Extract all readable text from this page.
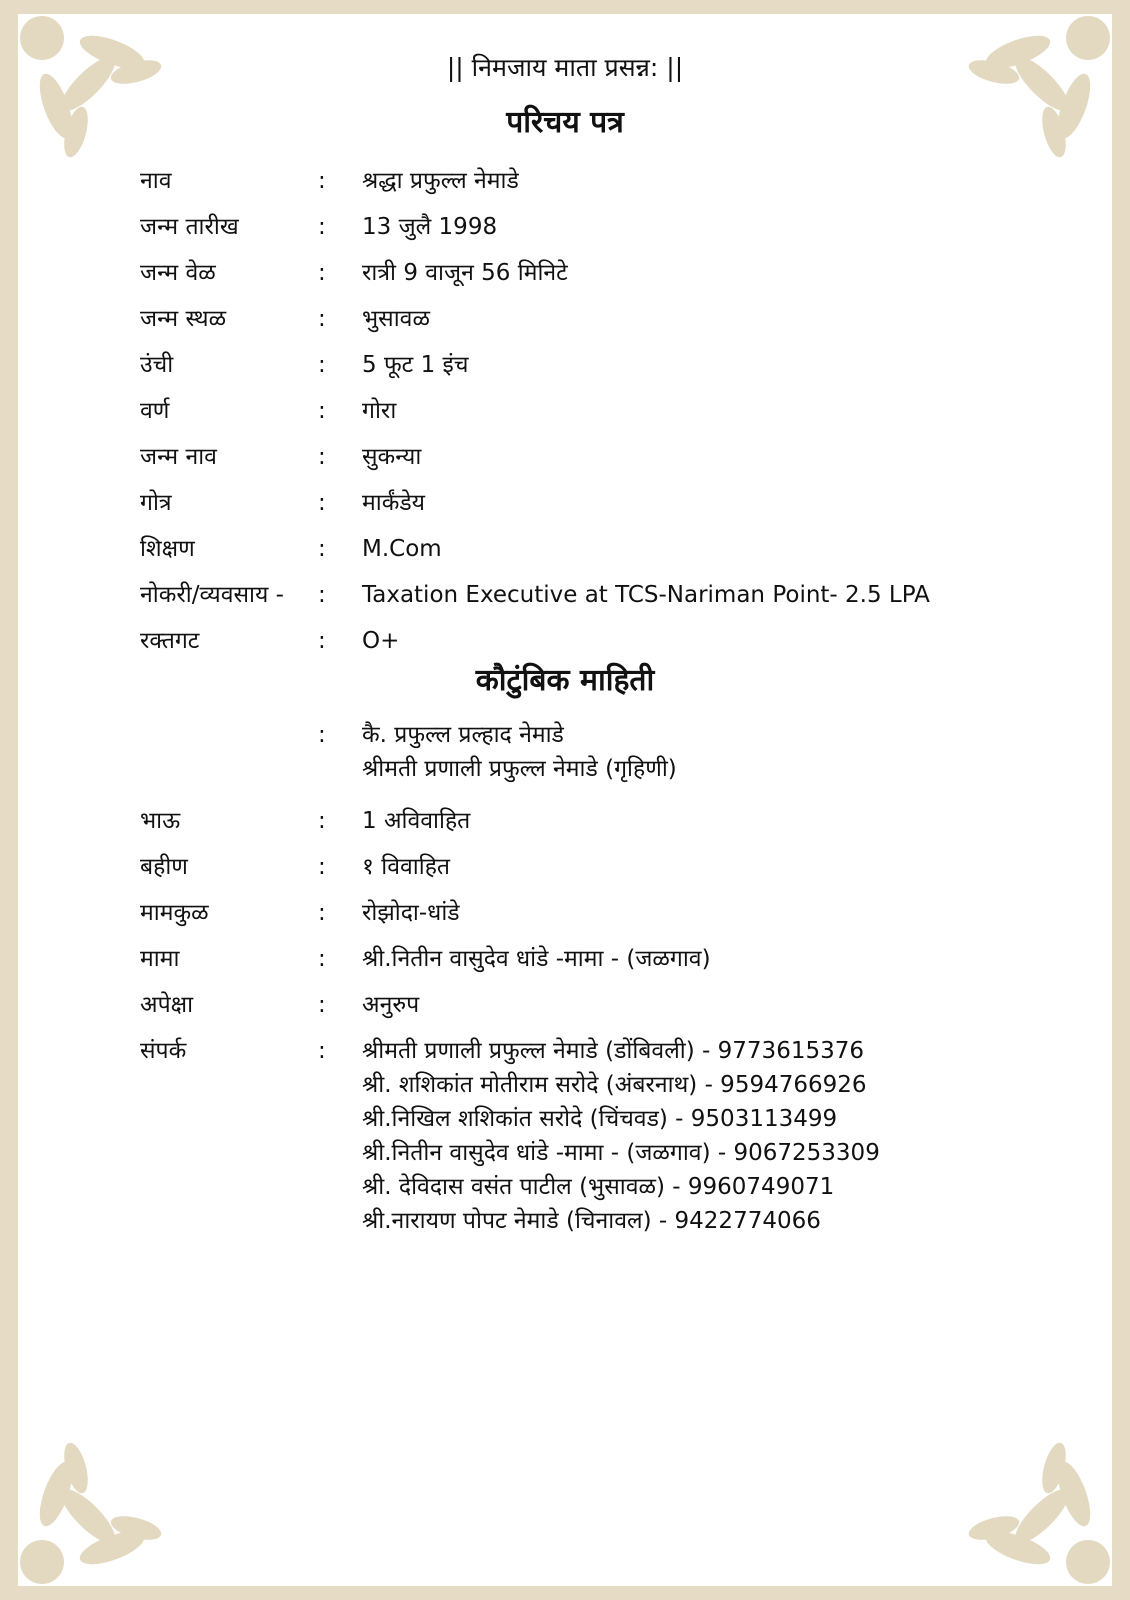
|| निमजाय माता प्रसन्न: ||
परिचय पत्र
नाव	: श्रद्धा प्रफुल्ल नेमाडे
जन्म तारीख	: 13 जुलै 1998
जन्म वेळ	: रात्री 9 वाजून 56 मिनिटे
जन्म स्थळ	: भुसावळ
उंची	: 5 फूट 1 इंच
वर्ण	: गोरा
जन्म नाव	: सुकन्या
गोत्र	: मार्कंडेय
शिक्षण	: M.Com
नोकरी/व्यवसाय - : Taxation Executive at TCS-Nariman Point- 2.5 LPA
रक्तगट	: O+
कौटुंबिक माहिती
: कै. प्रफुल्ल प्रल्हाद नेमाडे
श्रीमती प्रणाली प्रफुल्ल नेमाडे (गृहिणी)
भाऊ	: 1 अविवाहित
बहीण	: १ विवाहित
मामकुळ	: रोझोदा-धांडे
मामा	: श्री.नितीन वासुदेव धांडे -मामा - (जळगाव)
अपेक्षा	: अनुरुप
संपर्क	: श्रीमती प्रणाली प्रफुल्ल नेमाडे (डोंबिवली) - 9773615376
श्री. शशिकांत मोतीराम सरोदे (अंबरनाथ) - 9594766926
श्री.निखिल शशिकांत सरोदे (चिंचवड) - 9503113499
श्री.नितीन वासुदेव धांडे -मामा - (जळगाव) - 9067253309
श्री. देविदास वसंत पाटील (भुसावळ) - 9960749071
श्री.नारायण पोपट नेमाडे (चिनावल) - 9422774066
